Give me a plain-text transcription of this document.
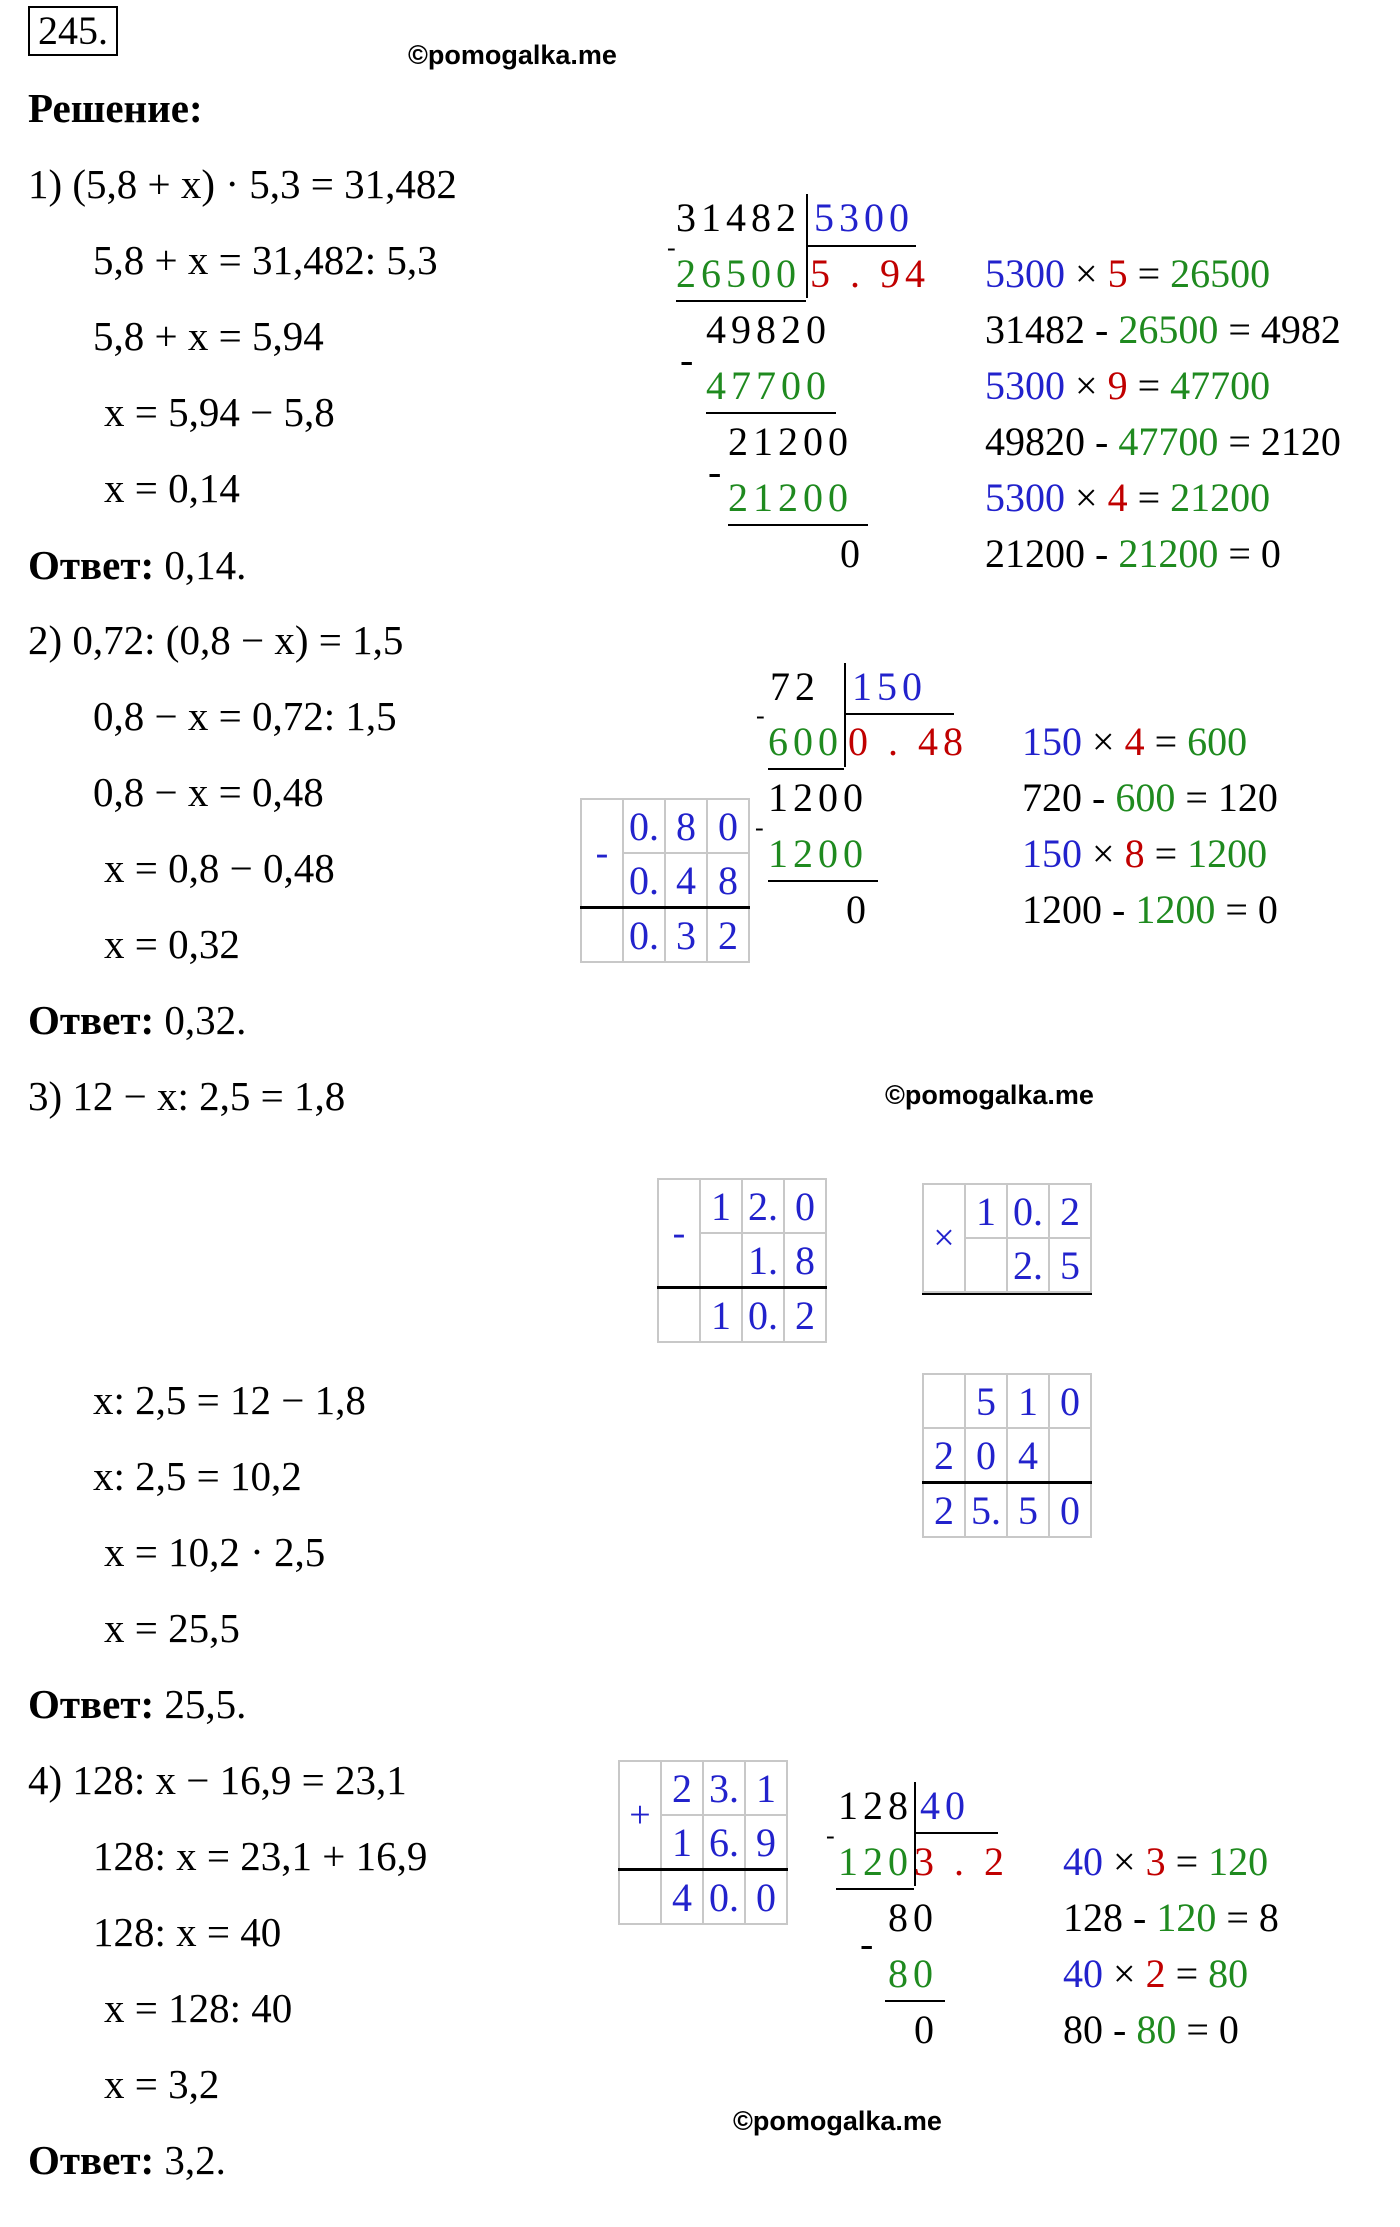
245.
©pomogalka.me
Решение:
1) (5,8 + x) · 5,3 = 31,482
5,8 + x = 31,482: 5,3
5,8 + x = 5,94
x = 5,94 − 5,8
x = 0,14
Ответ: 0,14.
31482 5300
-
26500 5 . 94
49820
-
47700
21200
-
21200
0
5300 × 5 = 26500
31482 - 26500 = 4982
5300 × 9 = 47700
49820 - 47700 = 2120
5300 × 4 = 21200
21200 - 21200 = 0
2) 0,72: (0,8 − x) = 1,5
0,8 − x = 0,72: 1,5
0,8 − x = 0,48
x = 0,8 − 0,48
x = 0,32
Ответ: 0,32.
-	0.	8	0
	0.	4	8
	0.	3	2
72 150
-
600 0 . 48
-
1200
1200
0
150 × 4 = 600
720 - 600 = 120
150 × 8 = 1200
1200 - 1200 = 0
©pomogalka.me
3) 12 − x: 2,5 = 1,8
x: 2,5 = 12 − 1,8
x: 2,5 = 10,2
x = 10,2 · 2,5
x = 25,5
Ответ: 25,5.
-	1	2.	0
		1.	8
	1	0.	2
×	1	0.	2
		2.	5
	5	1	0
2	0	4	
2	5.	5	0
4) 128: x − 16,9 = 23,1
128: x = 23,1 + 16,9
128: x = 40
x = 128: 40
x = 3,2
Ответ: 3,2.
+	2	3.	1
	1	6.	9
	4	0.	0
128 40
-
120 3 . 2
80
-
80
0
40 × 3 = 120
128 - 120 = 8
40 × 2 = 80
80 - 80 = 0
©pomogalka.me
